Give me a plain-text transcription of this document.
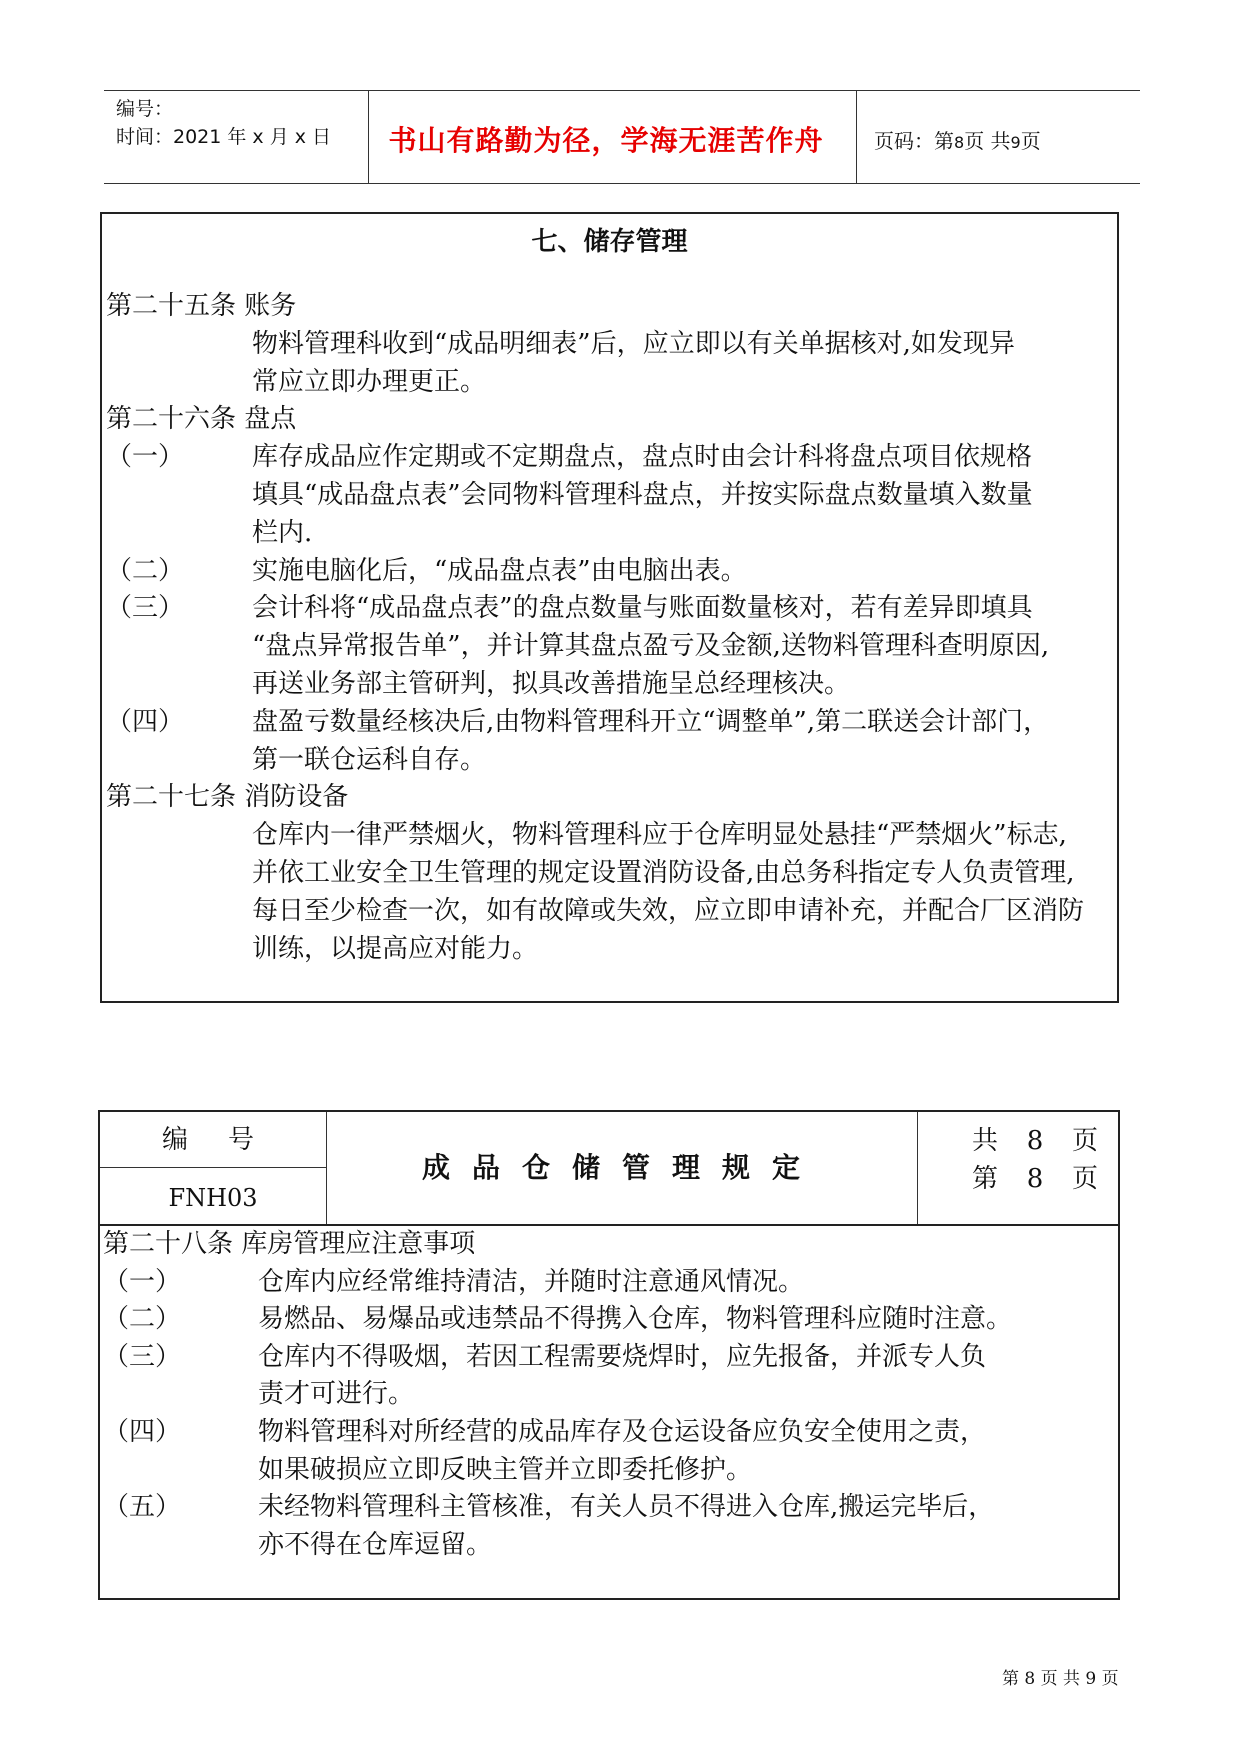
编号：
时间：2021 年 x 月 x 日	书山有路勤为径，学海无涯苦作舟	页码：第8页 共9页
七、储存管理
第二十五条 账务
物料管理科收到“成品明细表”后，应立即以有关单据核对,如发现异
常应立即办理更正。
第二十六条 盘点
（一）	库存成品应作定期或不定期盘点，盘点时由会计科将盘点项目依规格
填具“成品盘点表”会同物料管理科盘点，并按实际盘点数量填入数量
栏内.
（二）	实施电脑化后，“成品盘点表”由电脑出表。
（三）	会计科将“成品盘点表”的盘点数量与账面数量核对，若有差异即填具
“盘点异常报告单”，并计算其盘点盈亏及金额,送物料管理科查明原因,
再送业务部主管研判，拟具改善措施呈总经理核决。
（四）	盘盈亏数量经核决后,由物料管理科开立“调整单”,第二联送会计部门，
第一联仓运科自存。
第二十七条 消防设备
仓库内一律严禁烟火，物料管理科应于仓库明显处悬挂“严禁烟火”标志,
并依工业安全卫生管理的规定设置消防设备,由总务科指定专人负责管理,
每日至少检查一次，如有故障或失效，应立即申请补充，并配合厂区消防
训练，以提高应对能力。
编号
FNH03
成品仓储管理规定
共 8 页
第 8 页
第二十八条 库房管理应注意事项
（一）	仓库内应经常维持清洁，并随时注意通风情况。
（二）	易燃品、易爆品或违禁品不得携入仓库，物料管理科应随时注意。
（三）	仓库内不得吸烟，若因工程需要烧焊时，应先报备，并派专人负
责才可进行。
（四）	物料管理科对所经营的成品库存及仓运设备应负安全使用之责，
如果破损应立即反映主管并立即委托修护。
（五）	未经物料管理科主管核准，有关人员不得进入仓库,搬运完毕后，
亦不得在仓库逗留。
第 8 页 共 9 页
